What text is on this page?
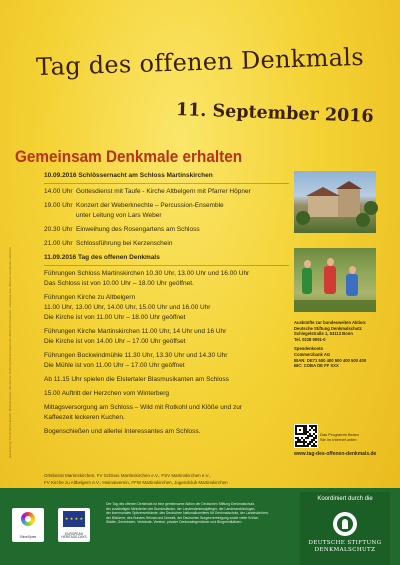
Gestaltung: Fia Kristina Kaiser, Bildnachweis: Deutsche Stiftung Denkmalschutz, Bildinformationen: www.tag-des-offenen-denkmals.de/fotos
Tag des offenen Denkmals
11. September 2016
Gemeinsam Denkmale erhalten
10.09.2016 Schlössernacht am Schloss Martinskirchen
14.00 Uhr Gottesdienst mit Taufe - Kirche Altbelgern mit Pfarrer Höpner
19.00 Uhr Konzert der Weberknechte – Percussion-Ensemble
unter Leitung von Lars Weber
20.30 Uhr Einweihung des Rosengartens am Schloss
21.00 Uhr Schlossführung bei Kerzenschein
11.09.2016 Tag des offenen Denkmals

Führungen Schloss Martinskirchen 10.30 Uhr, 13.00 Uhr und 16.00 Uhr

Das Schloss ist von 10.00 Uhr – 18.00 Uhr geöffnet.

Führungen Kirche zu Altbelgern

11.00 Uhr, 13.00 Uhr, 14.00 Uhr, 15.00 Uhr und 16.00 Uhr

Die Kirche ist von 11.00 Uhr – 18.00 Uhr geöffnet

Führungen Kirche Martinskirchen 11.00 Uhr, 14 Uhr und 16 Uhr

Die Kirche ist von 14.00 Uhr – 17.00 Uhr geöffset

Führungen Bockwindmühle 11.30 Uhr, 13.30 Uhr und 14.30 Uhr

Die Mühle ist von 11.00 Uhr – 17.00 Uhr geöffnet

Ab 11.15 Uhr spielen die Elstertaler Blasmusikanten am Schloss

15.00 Auftritt der Herzchen vom Winterberg

Mittagsversorgung am Schloss – Wild mit Rotkohl und Klöße und zur

Kaffeezeit leckeren Kuchen.

Bogenschießen und allerlei Interessantes am Schloss.

Auskünfte zur bundesweiten Aktion:

Deutsche Stiftung Denkmalschutz

Schlegelstraße 1, 53113 Bonn

Tel. 0228 9091-0

Spendenkonto

Commerzbank AG

IBAN: DE71 500 400 500 400 500 400

BIC: COBA DE FF XXX

Das Programm finden

Sie im Internet unter:

www.tag-des-offenen-denkmals.de

Ortsbeirat Martinskirchen, FV Schloss Martinskirchen e.V., FSV Martinskirchen e.V.,

FV Kirche zu Altbelgern e.V., Heimatverein, FFW Martinskirchen, Jugendclub Martinskirchen

ShineSpree
★ ★ ★ ★
EUROPEAN HERITAGE DAYS

Der Tag des offenen Denkmals ist eine gemeinsame Aktion der Deutschen Stiftung Denkmalschutz,

der zuständigen Ministerien der Bundesländer, der Landesdenkmalpfleger, der Landesarchäologen,

der kommunalen Spitzenverbände, des Deutschen Nationalkomitees für Denkmalschutz, der Landeskirchen,

der Bistümer, des Bundes Heimat und Umwelt, der Deutschen Burgenvereinigung sowie vieler Kreise,

Städte, Gemeinden, Verbände, Vereine, privater Denkmaleigentümer und Bürgerinitiativen.

Koordiniert durch die

DEUTSCHE STIFTUNG

DENKMALSCHUTZ
